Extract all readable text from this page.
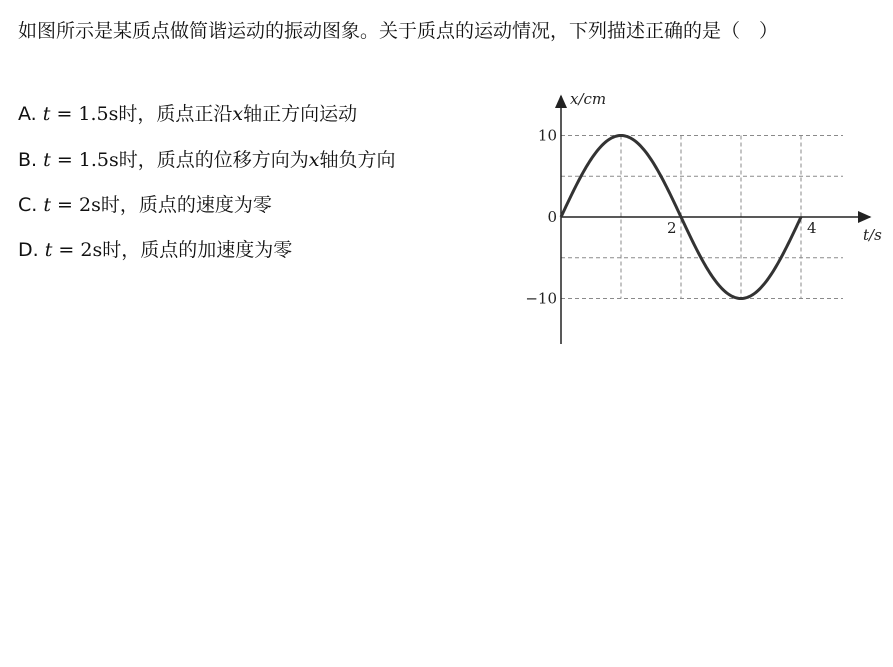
如图所示是某质点做简谐运动的振动图象。关于质点的运动情况，下列描述正确的是（　）
A. t = 1.5s时，质点正沿x轴正方向运动
B. t = 1.5s时，质点的位移方向为x轴负方向
C. t = 2s时，质点的速度为零
D. t = 2s时，质点的加速度为零
10
0
−10
2	4
x/cm
t/s
